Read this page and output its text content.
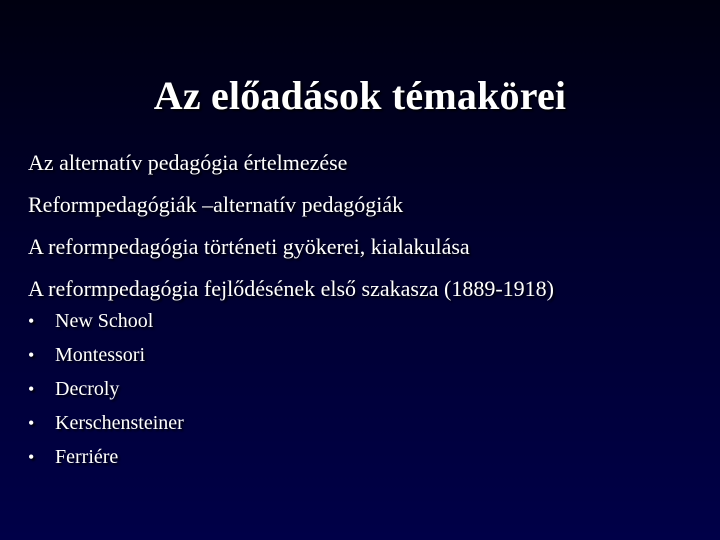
Az előadások témakörei
Az alternatív pedagógia értelmezése
Reformpedagógiák –alternatív pedagógiák
A reformpedagógia történeti gyökerei, kialakulása
A reformpedagógia fejlődésének első szakasza (1889-1918)
• New School
• Montessori
• Decroly
• Kerschensteiner
• Ferriére
